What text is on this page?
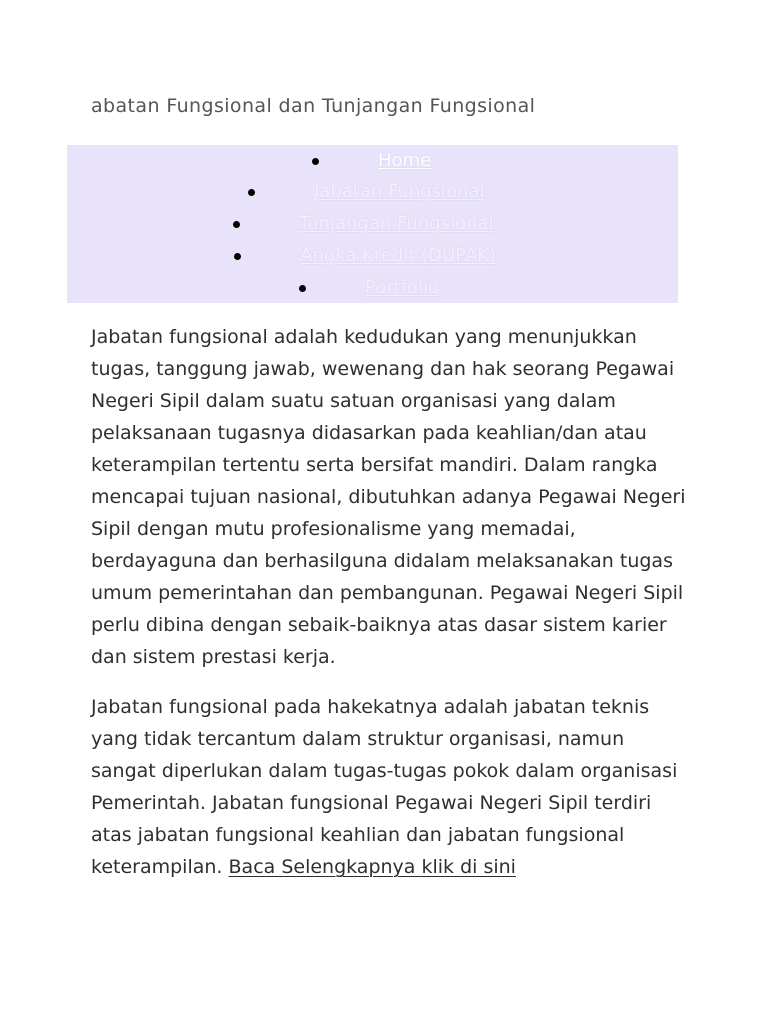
abatan Fungsional dan Tunjangan Fungsional
Home
Jabatan Fungsional
Tunjangan Fungsional
Angka Kredit (DUPAK)
Portfolio

Jabatan fungsional adalah kedudukan yang menunjukkan tugas, tanggung jawab, wewenang dan hak seorang Pegawai Negeri Sipil dalam suatu satuan organisasi yang dalam pelaksanaan tugasnya didasarkan pada keahlian/dan atau keterampilan tertentu serta bersifat mandiri. Dalam rangka mencapai tujuan nasional, dibutuhkan adanya Pegawai Negeri Sipil dengan mutu profesionalisme yang memadai, berdayaguna dan berhasilguna didalam melaksanakan tugas umum pemerintahan dan pembangunan. Pegawai Negeri Sipil perlu dibina dengan sebaik-baiknya atas dasar sistem karier dan sistem prestasi kerja.

Jabatan fungsional pada hakekatnya adalah jabatan teknis yang tidak tercantum dalam struktur organisasi, namun sangat diperlukan dalam tugas-tugas pokok dalam organisasi Pemerintah. Jabatan fungsional Pegawai Negeri Sipil terdiri atas jabatan fungsional keahlian dan jabatan fungsional keterampilan. Baca Selengkapnya klik di sini
